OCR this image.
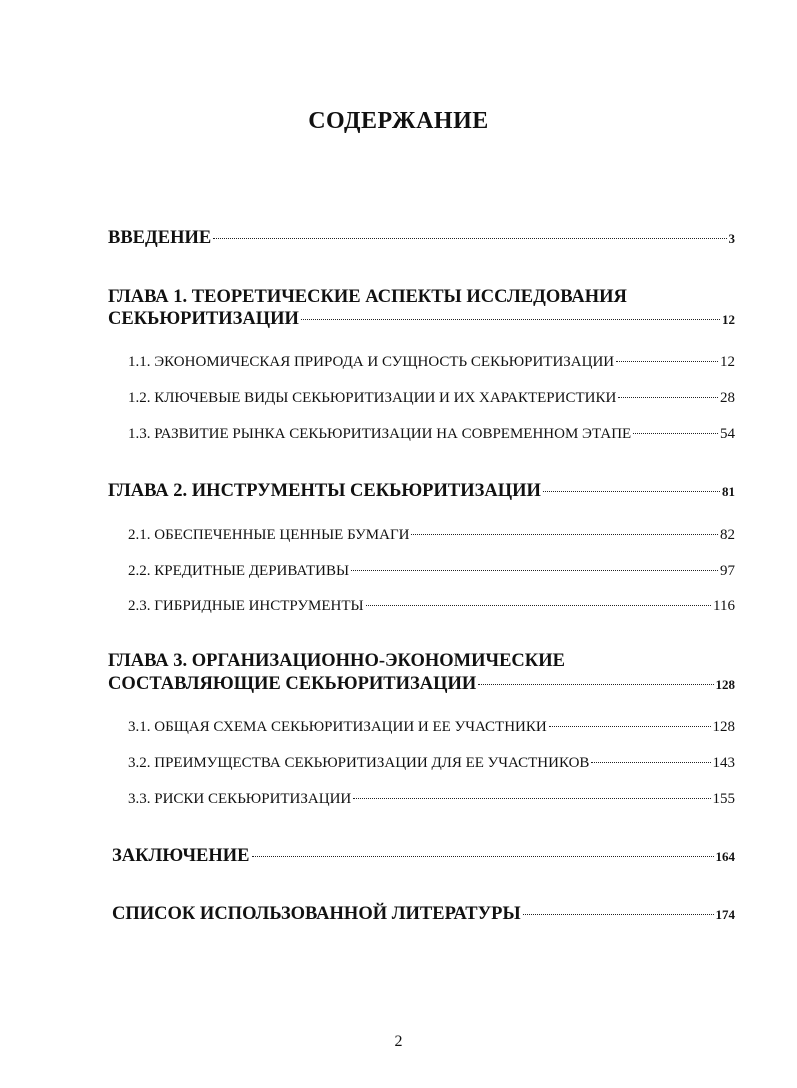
СОДЕРЖАНИЕ
ВВЕДЕНИЕ	3
ГЛАВА 1. ТЕОРЕТИЧЕСКИЕ АСПЕКТЫ ИССЛЕДОВАНИЯ
СЕКЬЮРИТИЗАЦИИ	12
1.1. ЭКОНОМИЧЕСКАЯ ПРИРОДА И СУЩНОСТЬ СЕКЬЮРИТИЗАЦИИ	12
1.2. КЛЮЧЕВЫЕ ВИДЫ СЕКЬЮРИТИЗАЦИИ И ИХ ХАРАКТЕРИСТИКИ	28
1.3. РАЗВИТИЕ РЫНКА СЕКЬЮРИТИЗАЦИИ НА СОВРЕМЕННОМ ЭТАПЕ	54
ГЛАВА 2. ИНСТРУМЕНТЫ СЕКЬЮРИТИЗАЦИИ	81
2.1. ОБЕСПЕЧЕННЫЕ ЦЕННЫЕ БУМАГИ	82
2.2. КРЕДИТНЫЕ ДЕРИВАТИВЫ	97
2.3. ГИБРИДНЫЕ ИНСТРУМЕНТЫ	116
ГЛАВА 3. ОРГАНИЗАЦИОННО-ЭКОНОМИЧЕСКИЕ
СОСТАВЛЯЮЩИЕ СЕКЬЮРИТИЗАЦИИ	128
3.1. ОБЩАЯ СХЕМА СЕКЬЮРИТИЗАЦИИ И ЕЕ УЧАСТНИКИ	128
3.2. ПРЕИМУЩЕСТВА СЕКЬЮРИТИЗАЦИИ ДЛЯ ЕЕ УЧАСТНИКОВ	143
3.3. РИСКИ СЕКЬЮРИТИЗАЦИИ	155
ЗАКЛЮЧЕНИЕ	164
СПИСОК ИСПОЛЬЗОВАННОЙ ЛИТЕРАТУРЫ	174
2
